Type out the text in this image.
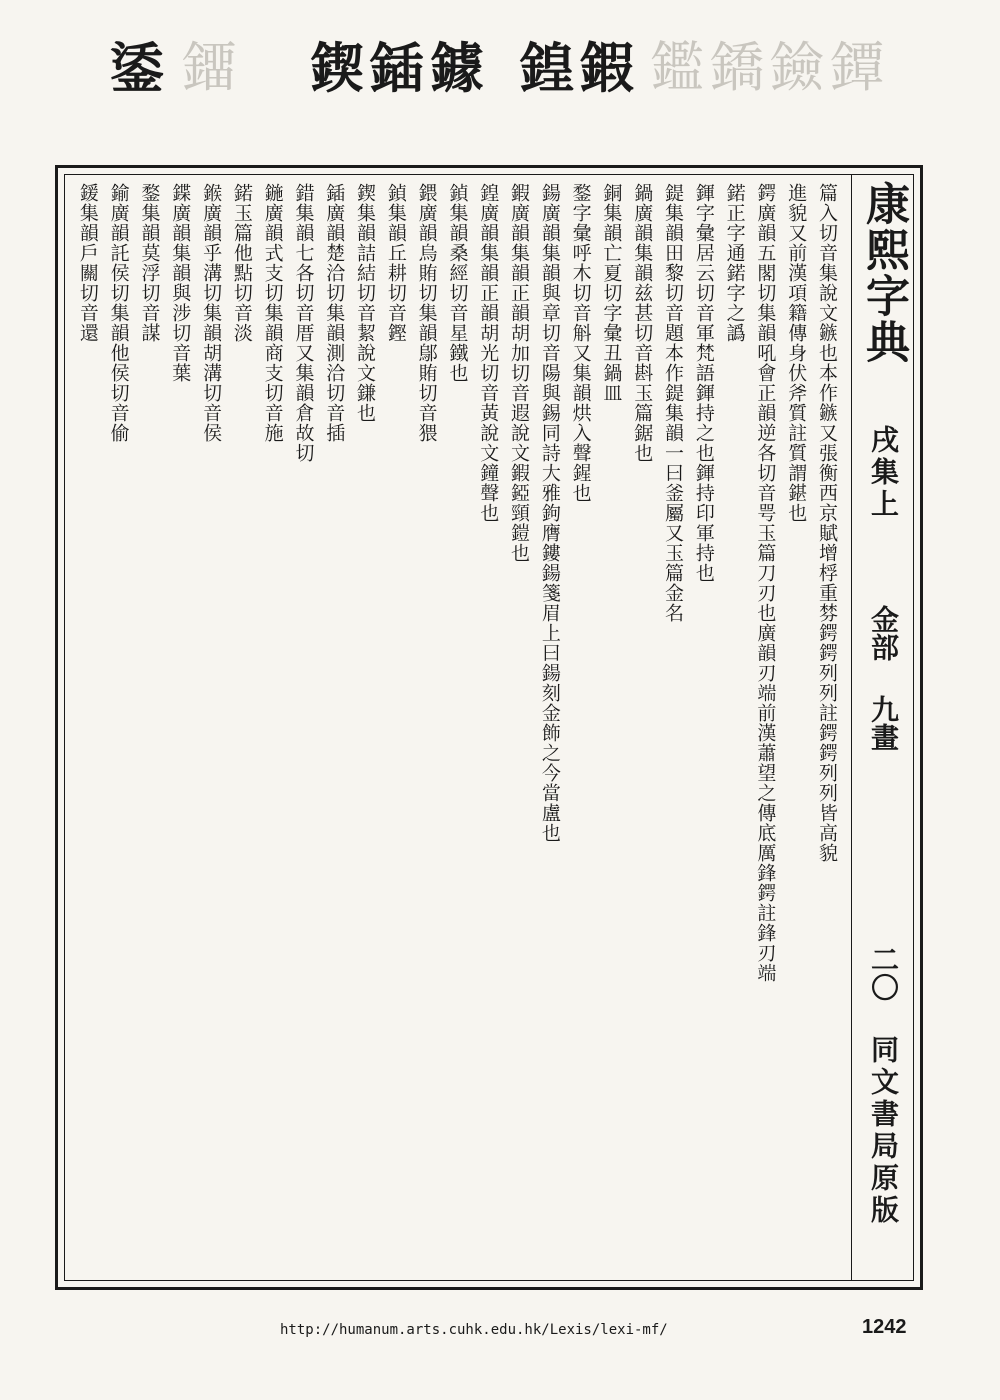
鋈 鐂 鍥 鍤 鐻 鍠 鍜 鑑 鐈 鐱 鐔
康熙字典
戌集上
金部
九畫
二〇
同文書局原版
篇入切音集說文鏃也本作鏃又張衡西京賦增桴重棼鍔鍔列列註鍔鍔列列皆高貌
進貌又前漢項籍傳身伏斧質註質謂鍖也
鍔廣韻五閣切集韻吼會正韻逆各切音咢玉篇刀刃也廣韻刃端前漢蕭望之傳底厲鋒鍔註鋒刃端
鍩正字通鍩字之譌
鍕字彙居云切音軍梵語鍕持之也鍕持印軍持也
鍉集韻田黎切音題本作鍉集韻一曰釜屬又玉篇金名
鍋廣韻集韻兹甚切音斟玉篇鋸也
銅集韻亡夏切字彙丑鍋皿
鍪字彙呼木切音斛又集韻烘入聲鍟也
鍚廣韻集韻與章切音陽與錫同詩大雅鉤膺鏤鍚箋眉上曰鍚刻金飾之今當盧也
鍜廣韻集韻正韻胡加切音遐說文鍜錏頸鎧也
鍠廣韻集韻正韻胡光切音黃說文鐘聲也
鍞集韻桑經切音星鐵也
鍡廣韻烏賄切集韻鄔賄切音猥
鍞集韻丘耕切音鏗
鍥集韻詰結切音絜說文鎌也
鍤廣韻楚洽切集韻測洽切音插
錯集韻七各切音厝又集韻倉故切
鍦廣韻式支切集韻商支切音施
鍩玉篇他點切音淡
鍭廣韻乎溝切集韻胡溝切音侯
鍱廣韻集韻與涉切音葉
鍪集韻莫浮切音謀
鍮廣韻託侯切集韻他侯切音偷
鍰集韻戶關切音還
http://humanum.arts.cuhk.edu.hk/Lexis/lexi-mf/	1242
